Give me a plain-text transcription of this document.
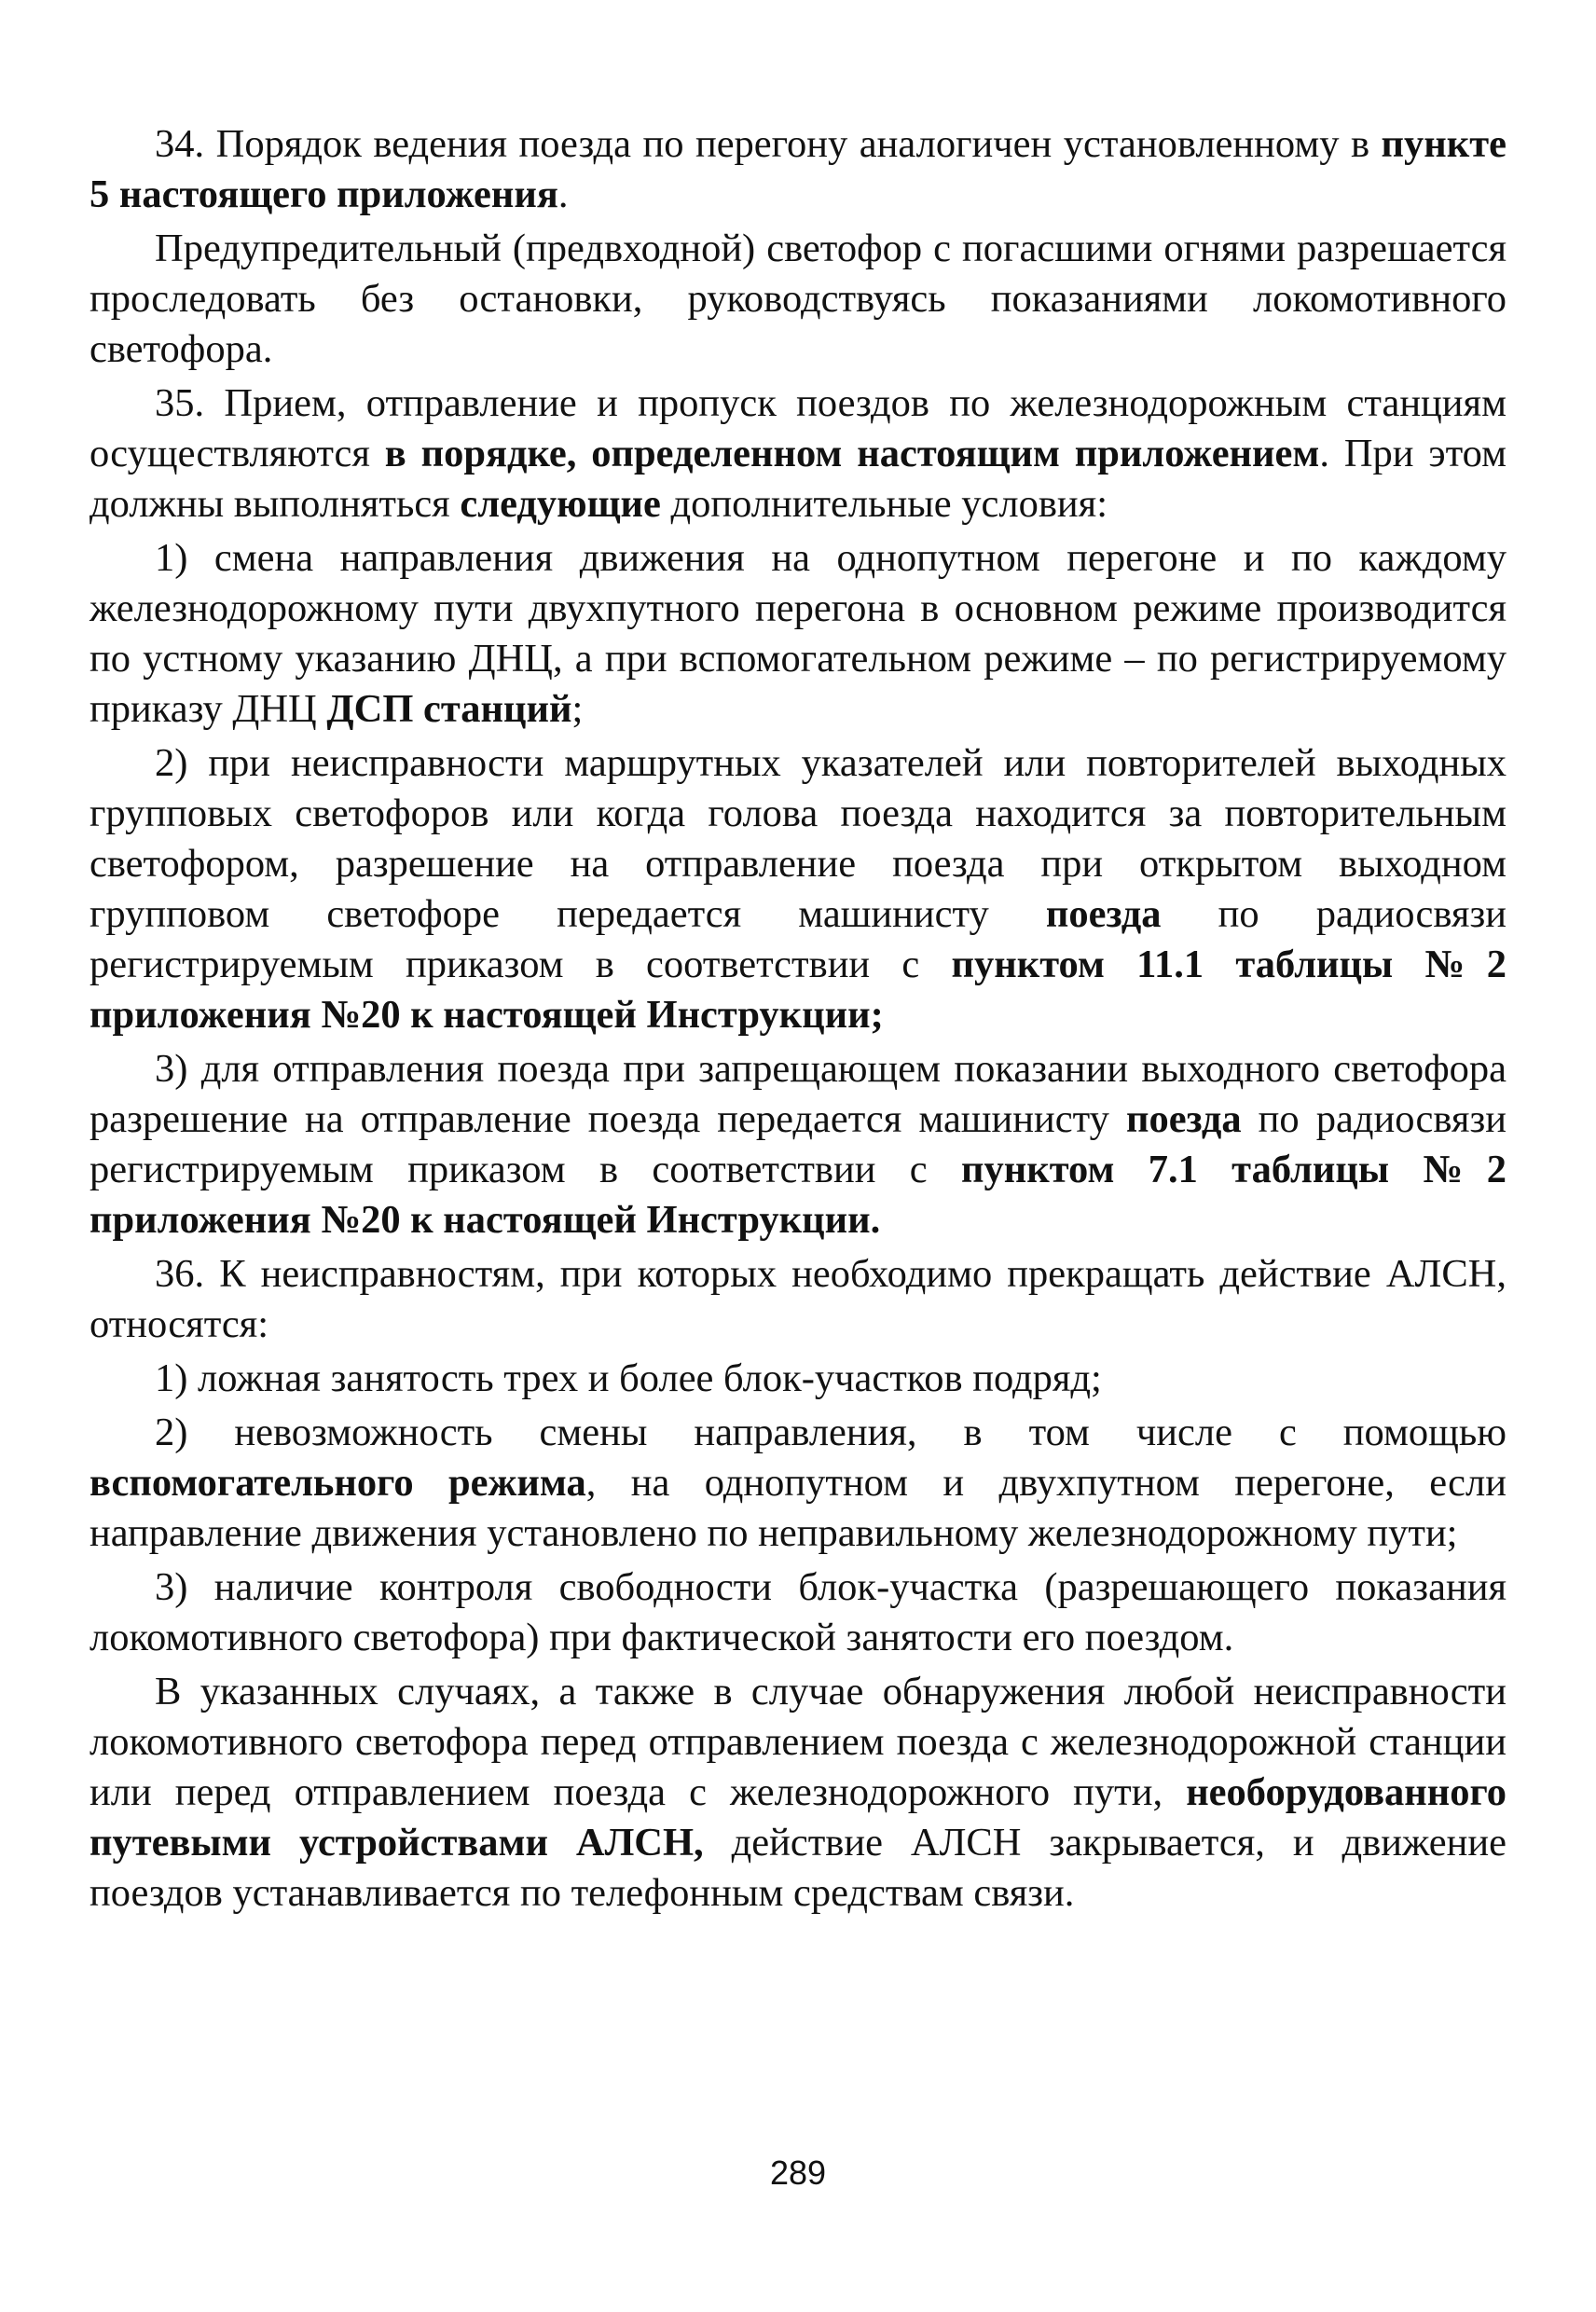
34. Порядок ведения поезда по перегону аналогичен установленному в пункте 5 настоящего приложения.

Предупредительный (предвходной) светофор с погасшими огнями разрешается проследовать без остановки, руководствуясь показаниями локомотивного светофора.

35. Прием, отправление и пропуск поездов по железнодорожным станциям осуществляются в порядке, определенном настоящим приложением. При этом должны выполняться следующие дополнительные условия:

1) смена направления движения на однопутном перегоне и по каждому железнодорожному пути двухпутного перегона в основном режиме производится по устному указанию ДНЦ, а при вспомогательном режиме – по регистрируемому приказу ДНЦ ДСП станций;

2) при неисправности маршрутных указателей или повторителей выходных групповых светофоров или когда голова поезда находится за повторительным светофором, разрешение на отправление поезда при открытом выходном групповом светофоре передается машинисту поезда по радиосвязи регистрируемым приказом в соответствии с пунктом 11.1 таблицы №2 приложения №20 к настоящей Инструкции;

3) для отправления поезда при запрещающем показании выходного светофора разрешение на отправление поезда передается машинисту поезда по радиосвязи регистрируемым приказом в соответствии с пунктом 7.1 таблицы №2 приложения №20 к настоящей Инструкции.

36. К неисправностям, при которых необходимо прекращать действие АЛСН, относятся:

1) ложная занятость трех и более блок-участков подряд;

2) невозможность смены направления, в том числе с помощью вспомогательного режима, на однопутном и двухпутном перегоне, если направление движения установлено по неправильному железнодорожному пути;

3) наличие контроля свободности блок-участка (разрешающего показания локомотивного светофора) при фактической занятости его поездом.

В указанных случаях, а также в случае обнаружения любой неисправности локомотивного светофора перед отправлением поезда с железнодорожной станции или перед отправлением поезда с железнодорожного пути, необорудованного путевыми устройствами АЛСН, действие АЛСН закрывается, и движение поездов устанавливается по телефонным средствам связи.

289
